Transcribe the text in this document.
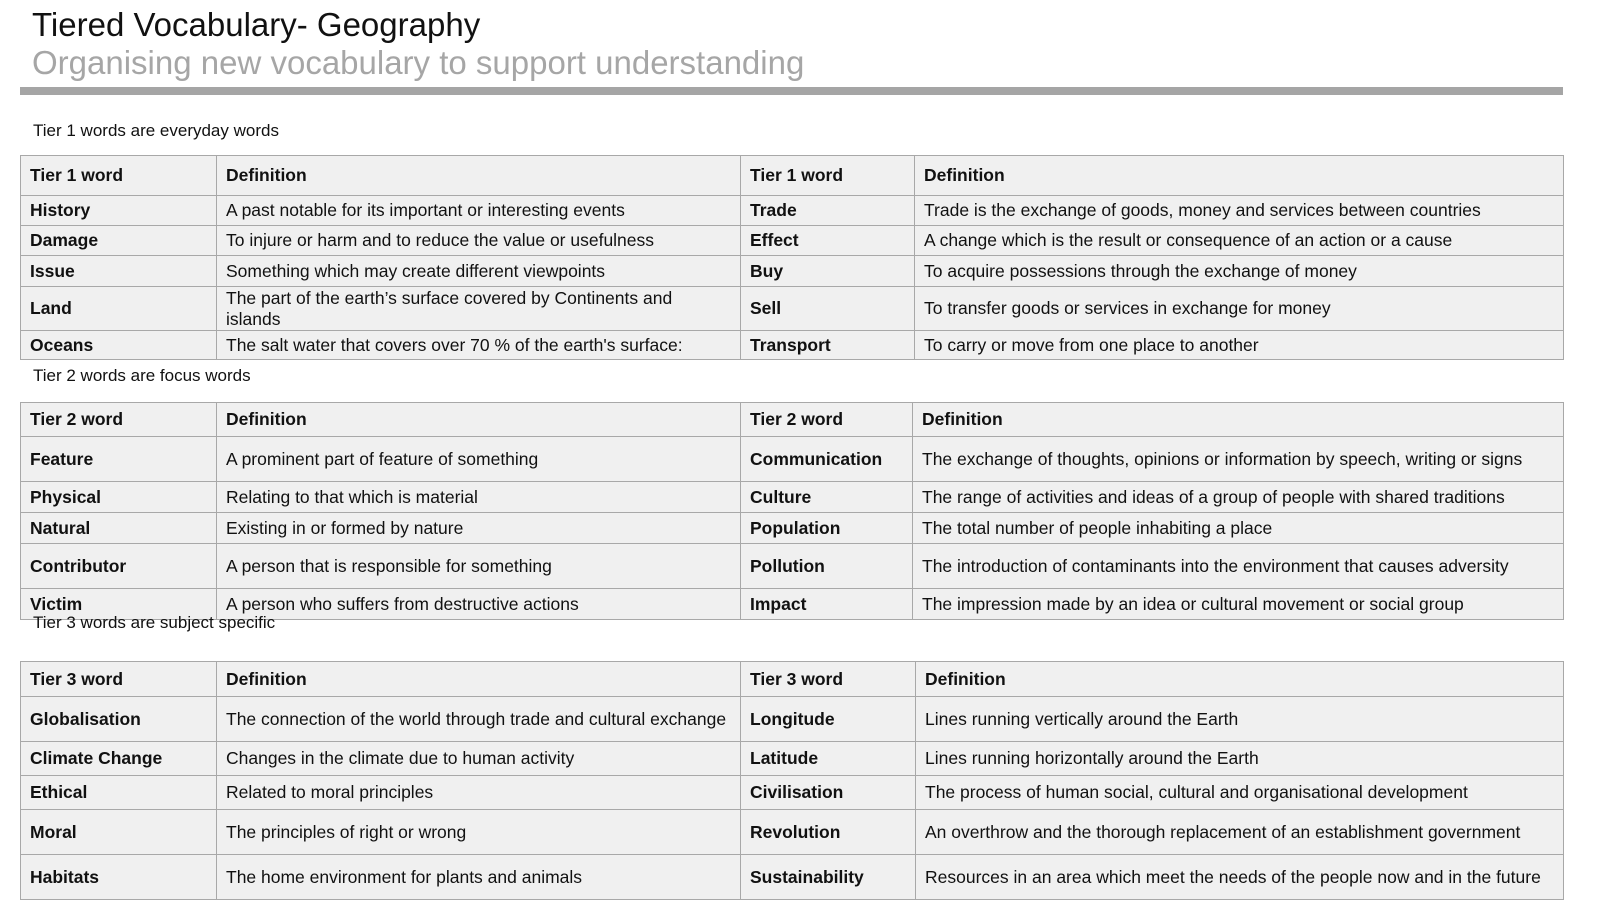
Tiered Vocabulary- Geography
Organising new vocabulary to support understanding
Tier 1 words are everyday words
Tier 1 word	Definition	Tier 1 word	Definition
History	A past notable for its important or interesting events	Trade	Trade is the exchange of goods, money and services between countries
Damage	To injure or harm and to reduce the value or usefulness	Effect	A change which is the result or consequence of an action or a cause
Issue	Something which may create different viewpoints	Buy	To acquire possessions through the exchange of money
Land	The part of the earth’s surface covered by Continents and islands	Sell	To transfer goods or services in exchange for money
Oceans	The salt water that covers over 70 % of the earth's surface:	Transport	To carry or move from one place to another
Tier 2 words are focus words
Tier 2 word	Definition	Tier 2 word	Definition
Feature	A prominent part of feature of something	Communication	The exchange of thoughts, opinions or information by speech, writing or signs
Physical	Relating to that which is material	Culture	The range of activities and ideas of a group of people with shared traditions
Natural	Existing in or formed by nature	Population	The total number of people inhabiting a place
Contributor	A person that is responsible for something	Pollution	The introduction of contaminants into the environment that causes adversity
Victim	A person who suffers from destructive actions	Impact	The impression made by an idea or cultural movement or social group
Tier 3 words are subject specific
Tier 3 word	Definition	Tier 3 word	Definition
Globalisation	The connection of the world through trade and cultural exchange	Longitude	Lines running vertically around the Earth
Climate Change	Changes in the climate due to human activity	Latitude	Lines running horizontally around the Earth
Ethical	Related to moral principles	Civilisation	The process of human social, cultural and organisational development
Moral	The principles of right or wrong	Revolution	An overthrow and the thorough replacement of an establishment government
Habitats	The home environment for plants and animals	Sustainability	Resources in an area which meet the needs of the people now and in the future
